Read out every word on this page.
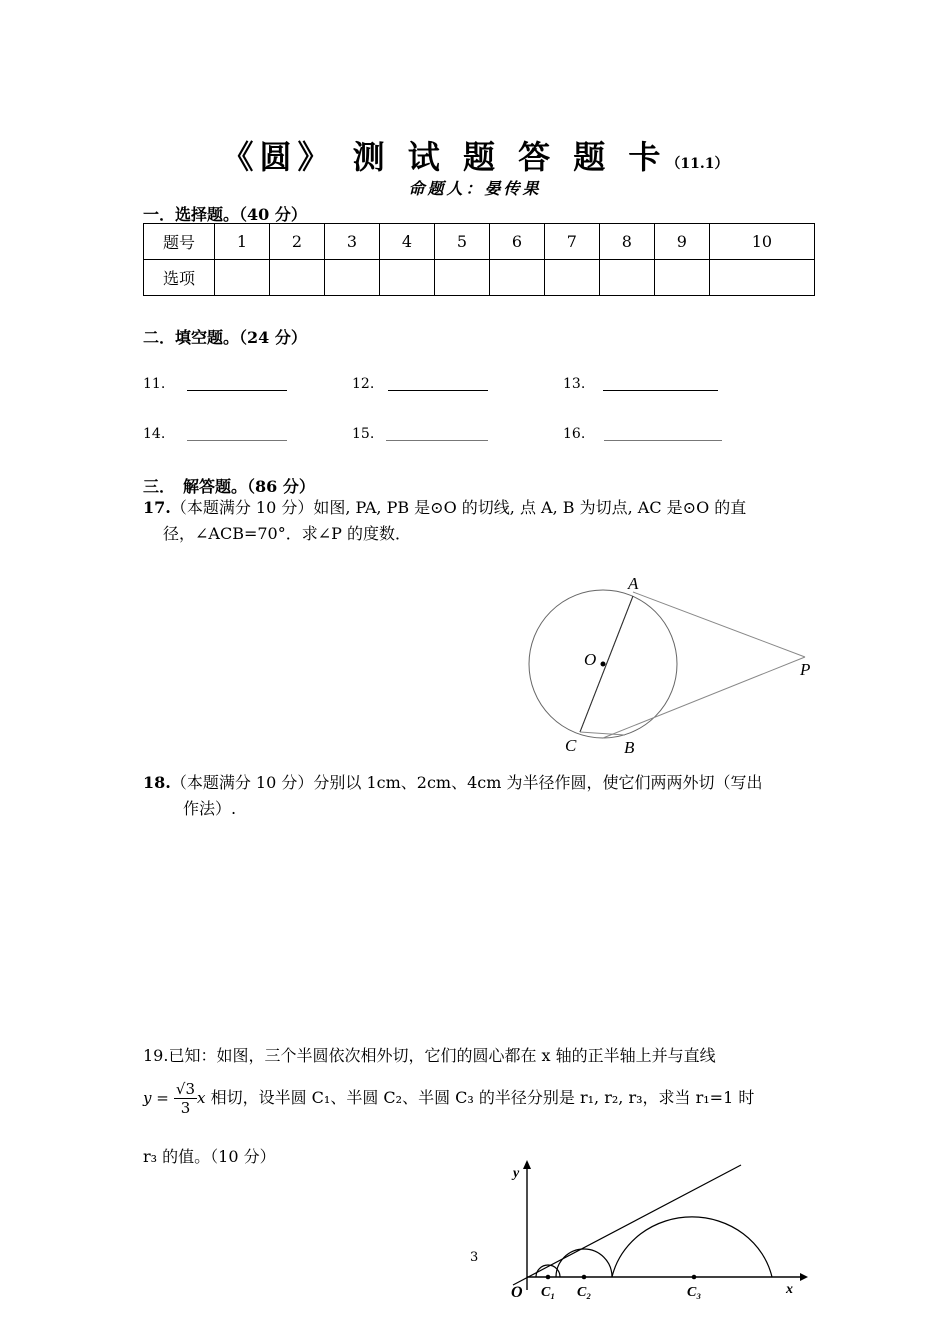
《圆》 测 试 题 答 题 卡（11.1）
命题人：晏传果
一．选择题。（40 分）
题号	1	2	3	4	5	6	7	8	9	10
选项										
二．填空题。（24 分）
11.	12.	13.
14.	15.	16.
三．　解答题。（86 分）
17.（本题满分 10 分）如图, PA, PB 是⊙O 的切线, 点 A, B 为切点, AC 是⊙O 的直
径，∠ACB=70°．求∠P 的度数．
A
O
P
C	B
18.（本题满分 10 分）分别以 1cm、2cm、4cm 为半径作圆，使它们两两外切（写出
作法）.
19.已知：如图，三个半圆依次相外切，它们的圆心都在 x 轴的正半轴上并与直线
$y = \frac{√3}{3}$ x 相切，设半圆 C₁、半圆 C₂、半圆 C₃ 的半径分别是 r₁, r₂, r₃，求当 r₁=1 时
r₃ 的值。（10 分）
y
x
O C₁ C₂	C₃
3
